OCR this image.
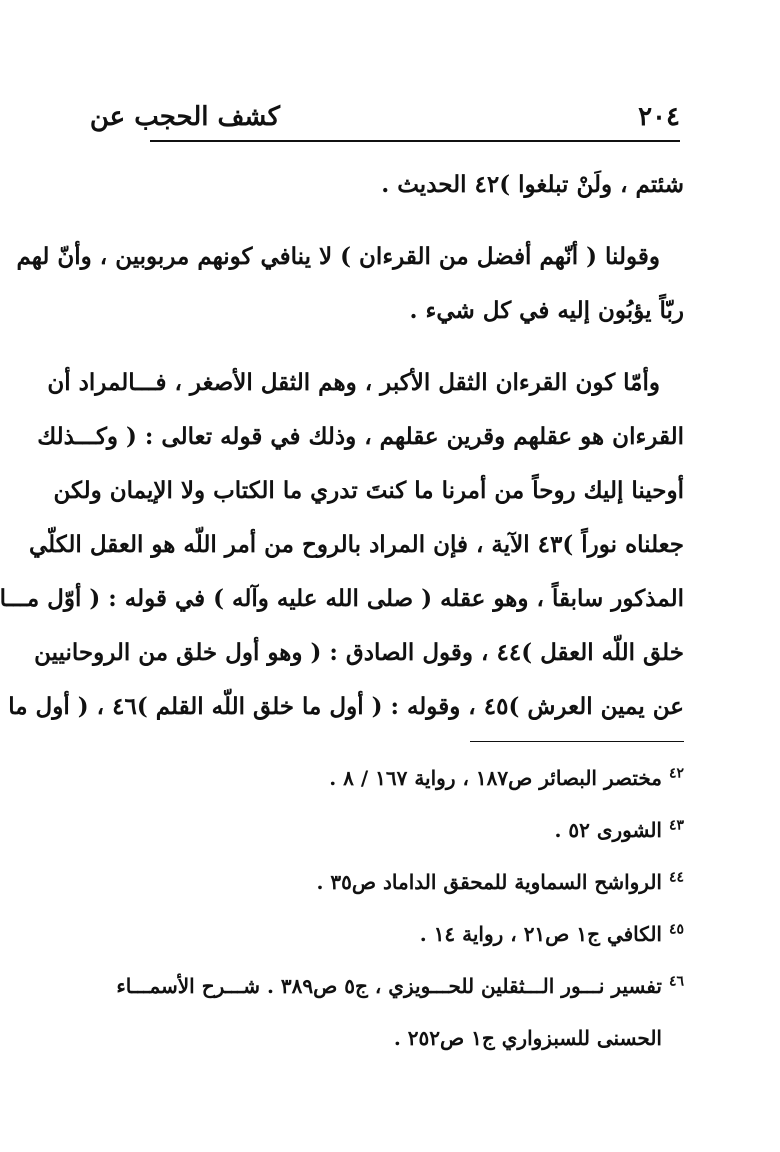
كشف الحجب عن	٢٠٤
شئتم ، ولَنْ تبلغوا )٤٢ الحديث .
وقولنا ( أنّهم أفضل من القرءان ) لا ينافي كونهم مربوبين ، وأنّ لهم
ربّاً يؤبُون إليه في كل شيء .
وأمّا كون القرءان الثقل الأكبر ، وهم الثقل الأصغر ، فـــالمراد أن
القرءان هو عقلهم وقرين عقلهم ، وذلك في قوله تعالى : ( وكـــذلك
أوحينا إليك روحاً من أمرنا ما كنتَ تدري ما الكتاب ولا الإيمان ولكن
جعلناه نوراً )٤٣ الآية ، فإن المراد بالروح من أمر اللّه هو العقل الكلّي
المذكور سابقاً ، وهو عقله ( صلى الله عليه وآله ) في قوله : ( أوّل مـــا
خلق اللّه العقل )٤٤ ، وقول الصادق : ( وهو أول خلق من الروحانيين
عن يمين العرش )٤٥ ، وقوله : ( أول ما خلق اللّه القلم )٤٦ ، ( أول ما
$^{٤٢}$ مختصر البصائر ص١٨٧ ، رواية ١٦٧ / ٨ .
$^{٤٣}$ الشورى ٥٢ .
$^{٤٤}$ الرواشح السماوية للمحقق الداماد ص٣٥ .
$^{٤٥}$ الكافي ج١ ص٢١ ، رواية ١٤ .
$^{٤٦}$ تفسير نـــور الـــثقلين للحـــويزي ، ج٥ ص٣٨٩ . شـــرح الأسمـــاء
الحسنى للسبزواري ج١ ص٢٥٢ .
